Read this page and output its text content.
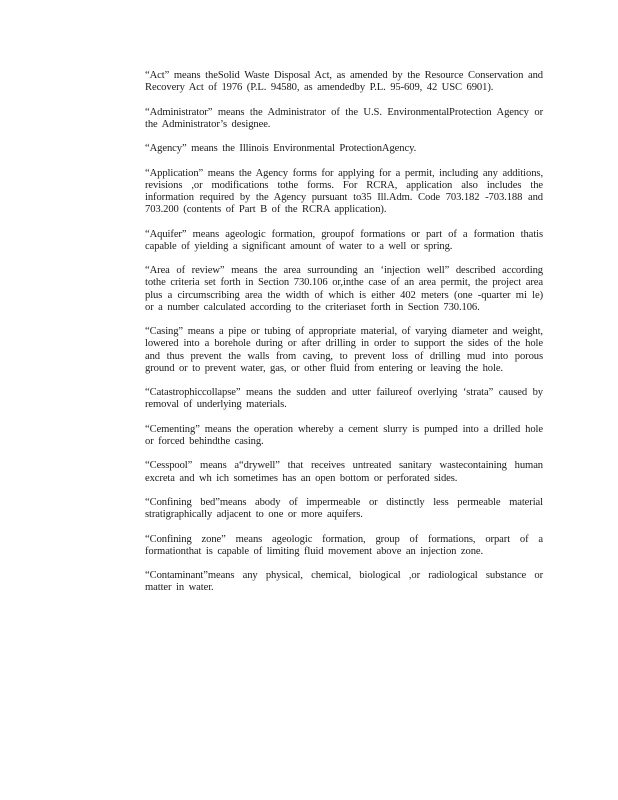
“Act” means theSolid Waste Disposal Act, as amended by the Resource Conservation and Recovery Act of 1976 (P.L. 94580, as amendedby P.L. 95-609, 42 USC 6901).

“Administrator” means the Administrator of the U.S. EnvironmentalProtection Agency or the Administrator’s designee.

“Agency” means the Illinois Environmental ProtectionAgency.

“Application” means the Agency forms for applying for a permit, including any additions, revisions ,or modifications tothe forms. For RCRA, application also includes the information required by the Agency pursuant to35 Ill.Adm. Code 703.182 -703.188 and 703.200 (contents of Part B of the RCRA application).

“Aquifer” means ageologic formation, groupof formations or part of a formation thatis capable of yielding a significant amount of water to a well or spring.

“Area of review” means the area surrounding an ‘injection well” described according tothe criteria set forth in Section 730.106 or,inthe case of an area permit, the project area plus a circumscribing area the width of which is either 402 meters (one -quarter mi le) or a number calculated according to the criteriaset forth in Section 730.106.

“Casing” means a pipe or tubing of appropriate material, of varying diameter and weight, lowered into a borehole during or after drilling in order to support the sides of the hole and thus prevent the walls from caving, to prevent loss of drilling mud into porous ground or to prevent water, gas, or other fluid from entering or leaving the hole.

“Catastrophiccollapse” means the sudden and utter failureof overlying ‘strata” caused by removal of underlying materials.

“Cementing” means the operation whereby a cement slurry is pumped into a drilled hole or forced behindthe casing.

“Cesspool” means a“drywell” that receives untreated sanitary wastecontaining human excreta and wh ich sometimes has an open bottom or perforated sides.

“Confining bed”means abody of impermeable or distinctly less permeable material stratigraphically adjacent to one or more aquifers.

“Confining zone” means ageologic formation, group of formations, orpart of a formationthat is capable of limiting fluid movement above an injection zone.

“Contaminant”means any physical, chemical, biological ,or radiological substance or matter in water.
